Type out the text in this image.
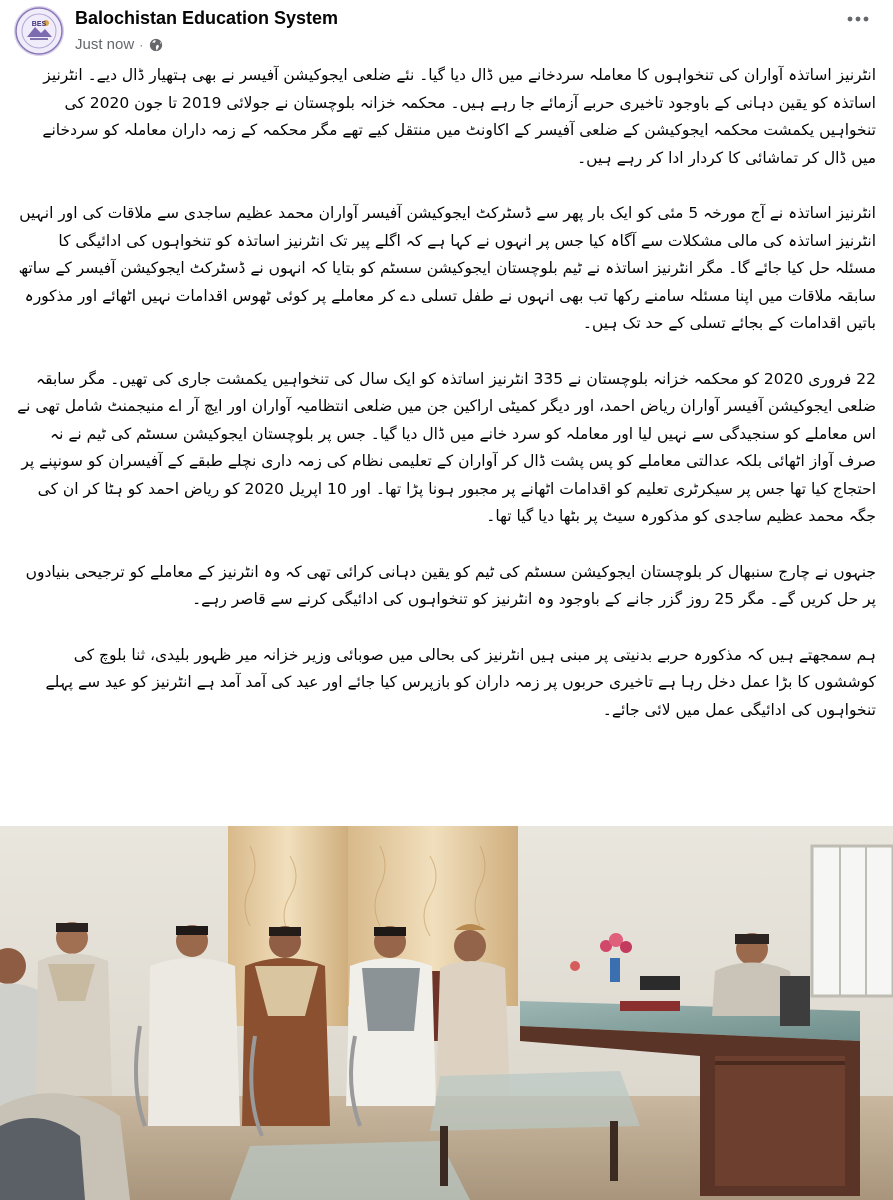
BES Balochistan Education System
Just now ·

انٹرنیز اساتذہ آواران کی تنخواہوں کا معاملہ سردخانے میں ڈال دیا گیا۔ نئے ضلعی ایجوکیشن آفیسر نے بھی ہتھیار ڈال دیے۔ انٹرنیز اساتذہ کو یقین دہانی کے باوجود تاخیری حربے آزمائے جا رہے ہیں۔ محکمہ خزانہ بلوچستان نے جولائی 2019 تا جون 2020 کی تنخواہیں یکمشت محکمہ ایجوکیشن کے ضلعی آفیسر کے اکاونٹ میں منتقل کیے تھے مگر محکمہ کے زمہ داران معاملہ کو سردخانے میں ڈال کر تماشائی کا کردار ادا کر رہے ہیں۔

انٹرنیز اساتذہ نے آج مورخہ 5 مئی کو ایک بار پھر سے ڈسٹرکٹ ایجوکیشن آفیسر آواران محمد عظیم ساجدی سے ملاقات کی اور انہیں انٹرنیز اساتذہ کی مالی مشکلات سے آگاہ کیا جس پر انہوں نے کہا ہے کہ اگلے پیر تک انٹرنیز اساتذہ کو تنخواہوں کی ادائیگی کا مسئلہ حل کیا جائے گا۔ مگر انٹرنیز اساتذہ نے ٹیم بلوچستان ایجوکیشن سسٹم کو بتایا کہ انہوں نے ڈسٹرکٹ ایجوکیشن آفیسر کے ساتھ سابقہ ملاقات میں اپنا مسئلہ سامنے رکھا تب بھی انہوں نے طفل تسلی دے کر معاملے پر کوئی ٹھوس اقدامات نہیں اٹھائے اور مذکورہ باتیں اقدامات کے بجائے تسلی کے حد تک ہیں۔

22 فروری 2020 کو محکمہ خزانہ بلوچستان نے 335 انٹرنیز اساتذہ کو ایک سال کی تنخواہیں یکمشت جاری کی تھیں۔ مگر سابقہ ضلعی ایجوکیشن آفیسر آواران ریاض احمد، اور دیگر کمیٹی اراکین جن میں ضلعی انتظامیہ آواران اور ایچ آر اے منیجمنٹ شامل تھی نے اس معاملے کو سنجیدگی سے نہیں لیا اور معاملہ کو سرد خانے میں ڈال دیا گیا۔ جس پر بلوچستان ایجوکیشن سسٹم کی ٹیم نے نہ صرف آواز اٹھائی بلکہ عدالتی معاملے کو پس پشت ڈال کر آواران کے تعلیمی نظام کی زمہ داری نچلے طبقے کے آفیسران کو سونپنے پر احتجاج کیا تھا جس پر سیکرٹری تعلیم کو اقدامات اٹھانے پر مجبور ہونا پڑا تھا۔ اور 10 اپریل 2020 کو ریاض احمد کو ہٹا کر ان کی جگہ محمد عظیم ساجدی کو مذکورہ سیٹ پر بٹھا دیا گیا تھا۔

جنہوں نے چارج سنبھال کر بلوچستان ایجوکیشن سسٹم کی ٹیم کو یقین دہانی کرائی تھی کہ وہ انٹرنیز کے معاملے کو ترجیحی بنیادوں پر حل کریں گے۔ مگر 25 روز گزر جانے کے باوجود وہ انٹرنیز کو تنخواہوں کی ادائیگی کرنے سے قاصر رہے۔

ہم سمجھتے ہیں کہ مذکورہ حربے بدنیتی پر مبنی ہیں انٹرنیز کی بحالی میں صوبائی وزیر خزانہ میر ظہور بلیدی، ثنا بلوچ کی کوششوں کا بڑا عمل دخل رہا ہے تاخیری حربوں پر زمہ داران کو بازپرس کیا جائے اور عید کی آمد آمد ہے انٹرنیز کو عید سے پہلے تنخواہوں کی ادائیگی عمل میں لائی جائے۔
